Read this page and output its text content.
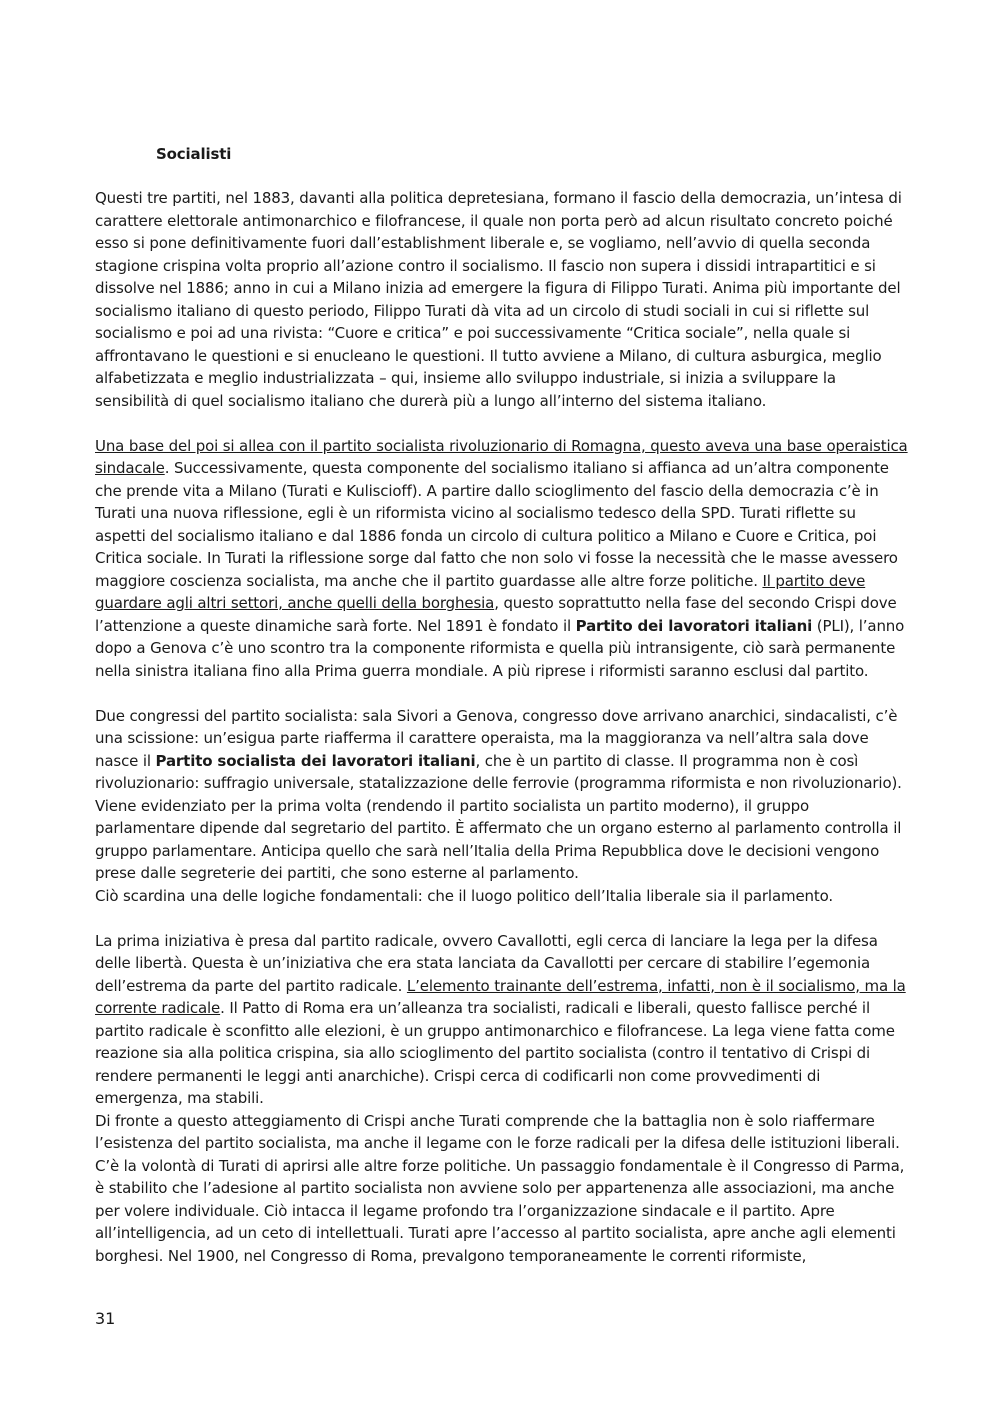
Socialisti

Questi tre partiti, nel 1883, davanti alla politica depretesiana, formano il fascio della democrazia, un’intesa di carattere elettorale antimonarchico e filofrancese, il quale non porta però ad alcun risultato concreto poiché esso si pone definitivamente fuori dall’establishment liberale e, se vogliamo, nell’avvio di quella seconda stagione crispina volta proprio all’azione contro il socialismo. Il fascio non supera i dissidi intrapartitici e si dissolve nel 1886; anno in cui a Milano inizia ad emergere la figura di Filippo Turati. Anima più importante del socialismo italiano di questo periodo, Filippo Turati dà vita ad un circolo di studi sociali in cui si riflette sul socialismo e poi ad una rivista: “Cuore e critica” e poi successivamente “Critica sociale”, nella quale si affrontavano le questioni e si enucleano le questioni. Il tutto avviene a Milano, di cultura asburgica, meglio alfabetizzata e meglio industrializzata – qui, insieme allo sviluppo industriale, si inizia a sviluppare la sensibilità di quel socialismo italiano che durerà più a lungo all’interno del sistema italiano.

Una base del poi si allea con il partito socialista rivoluzionario di Romagna, questo aveva una base operaistica sindacale. Successivamente, questa componente del socialismo italiano si affianca ad un’altra componente che prende vita a Milano (Turati e Kuliscioff). A partire dallo scioglimento del fascio della democrazia c’è in Turati una nuova riflessione, egli è un riformista vicino al socialismo tedesco della SPD. Turati riflette su aspetti del socialismo italiano e dal 1886 fonda un circolo di cultura politico a Milano e Cuore e Critica, poi Critica sociale. In Turati la riflessione sorge dal fatto che non solo vi fosse la necessità che le masse avessero maggiore coscienza socialista, ma anche che il partito guardasse alle altre forze politiche. Il partito deve guardare agli altri settori, anche quelli della borghesia, questo soprattutto nella fase del secondo Crispi dove l’attenzione a queste dinamiche sarà forte. Nel 1891 è fondato il Partito dei lavoratori italiani (PLI), l’anno dopo a Genova c’è uno scontro tra la componente riformista e quella più intransigente, ciò sarà permanente nella sinistra italiana fino alla Prima guerra mondiale. A più riprese i riformisti saranno esclusi dal partito.

Due congressi del partito socialista: sala Sivori a Genova, congresso dove arrivano anarchici, sindacalisti, c’è una scissione: un’esigua parte riafferma il carattere operaista, ma la maggioranza va nell’altra sala dove nasce il Partito socialista dei lavoratori italiani, che è un partito di classe. Il programma non è così rivoluzionario: suffragio universale, statalizzazione delle ferrovie (programma riformista e non rivoluzionario). Viene evidenziato per la prima volta (rendendo il partito socialista un partito moderno), il gruppo parlamentare dipende dal segretario del partito. È affermato che un organo esterno al parlamento controlla il gruppo parlamentare. Anticipa quello che sarà nell’Italia della Prima Repubblica dove le decisioni vengono prese dalle segreterie dei partiti, che sono esterne al parlamento.

Ciò scardina una delle logiche fondamentali: che il luogo politico dell’Italia liberale sia il parlamento.

La prima iniziativa è presa dal partito radicale, ovvero Cavallotti, egli cerca di lanciare la lega per la difesa delle libertà. Questa è un’iniziativa che era stata lanciata da Cavallotti per cercare di stabilire l’egemonia dell’estrema da parte del partito radicale. L’elemento trainante dell’estrema, infatti, non è il socialismo, ma la corrente radicale. Il Patto di Roma era un’alleanza tra socialisti, radicali e liberali, questo fallisce perché il partito radicale è sconfitto alle elezioni, è un gruppo antimonarchico e filofrancese. La lega viene fatta come reazione sia alla politica crispina, sia allo scioglimento del partito socialista (contro il tentativo di Crispi di rendere permanenti le leggi anti anarchiche). Crispi cerca di codificarli non come provvedimenti di emergenza, ma stabili.

Di fronte a questo atteggiamento di Crispi anche Turati comprende che la battaglia non è solo riaffermare l’esistenza del partito socialista, ma anche il legame con le forze radicali per la difesa delle istituzioni liberali. C’è la volontà di Turati di aprirsi alle altre forze politiche. Un passaggio fondamentale è il Congresso di Parma, è stabilito che l’adesione al partito socialista non avviene solo per appartenenza alle associazioni, ma anche per volere individuale. Ciò intacca il legame profondo tra l’organizzazione sindacale e il partito. Apre all’intelligencia, ad un ceto di intellettuali. Turati apre l’accesso al partito socialista, apre anche agli elementi borghesi. Nel 1900, nel Congresso di Roma, prevalgono temporaneamente le correnti riformiste,

31
